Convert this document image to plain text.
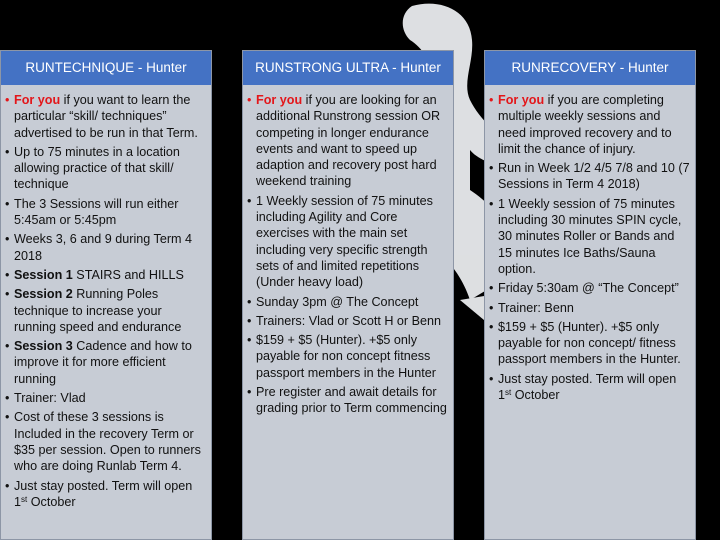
RUNTECHNIQUE - Hunter
• For you if you want to learn the particular “skill/ techniques” advertised to be run in that Term.
• Up to 75 minutes in a location allowing practice of that skill/ technique
• The 3 Sessions will run either 5:45am or 5:45pm
• Weeks 3, 6 and 9 during Term 4 2018
• Session 1 STAIRS and HILLS
• Session 2 Running Poles technique to increase your running speed and endurance
• Session 3 Cadence and how to improve it for more efficient running
• Trainer: Vlad
• Cost of these 3 sessions is Included in the recovery Term or $35 per session. Open to runners who are doing Runlab Term 4.
• Just stay posted. Term will open 1st October
RUNSTRONG ULTRA - Hunter
• For you if you are looking for an additional Runstrong session OR competing in longer endurance events and want to speed up adaption and recovery post hard weekend training
• 1 Weekly session of 75 minutes including Agility and Core exercises with the main set including very specific strength sets of and limited repetitions (Under heavy load)
• Sunday 3pm @ The Concept
• Trainers: Vlad or Scott H or Benn
• $159 + $5 (Hunter). +$5 only payable for non concept fitness passport members in the Hunter
• Pre register and await details for grading prior to Term commencing
RUNRECOVERY - Hunter
• For you if you are completing multiple weekly sessions and need improved recovery and to limit the chance of injury.
• Run in Week 1/2 4/5 7/8 and 10 (7 Sessions in Term 4 2018)
• 1 Weekly session of 75 minutes including 30 minutes SPIN cycle, 30 minutes Roller or Bands and 15 minutes Ice Baths/Sauna option.
• Friday 5:30am @ “The Concept”
• Trainer: Benn
• $159 + $5 (Hunter). +$5 only payable for non concept/ fitness passport members in the Hunter.
• Just stay posted. Term will open 1st October
